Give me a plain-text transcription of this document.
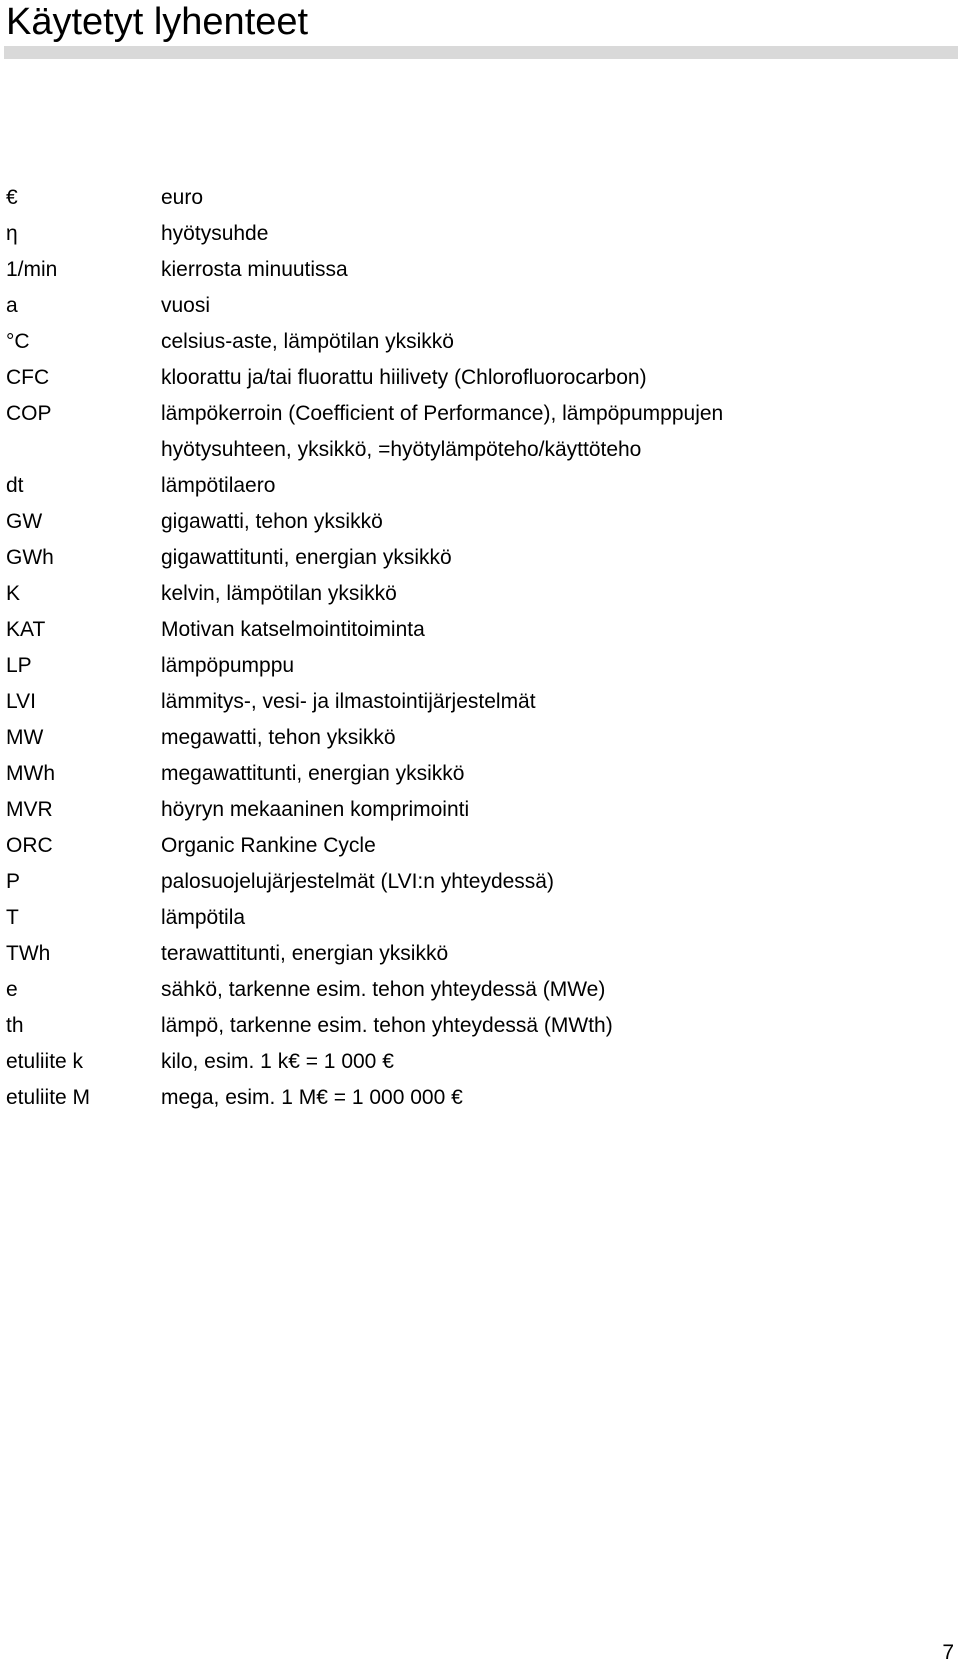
Käytetyt lyhenteet
€	euro
η	hyötysuhde
1/min	kierrosta minuutissa
a	vuosi
°C	celsius-aste, lämpötilan yksikkö
CFC	kloorattu ja/tai fluorattu hiilivety (Chlorofluorocarbon)
COP	lämpökerroin (Coefficient of Performance), lämpöpumppujen
hyötysuhteen, yksikkö, =hyötylämpöteho/käyttöteho
dt	lämpötilaero
GW	gigawatti, tehon yksikkö
GWh	gigawattitunti, energian yksikkö
K	kelvin, lämpötilan yksikkö
KAT	Motivan katselmointitoiminta
LP	lämpöpumppu
LVI	lämmitys-, vesi- ja ilmastointijärjestelmät
MW	megawatti, tehon yksikkö
MWh	megawattitunti, energian yksikkö
MVR	höyryn mekaaninen komprimointi
ORC	Organic Rankine Cycle
P	palosuojelujärjestelmät (LVI:n yhteydessä)
T	lämpötila
TWh	terawattitunti, energian yksikkö
e	sähkö, tarkenne esim. tehon yhteydessä (MWe)
th	lämpö, tarkenne esim. tehon yhteydessä (MWth)
etuliite k	kilo, esim. 1 k€ = 1 000 €
etuliite M	mega, esim. 1 M€ = 1 000 000 €
7
